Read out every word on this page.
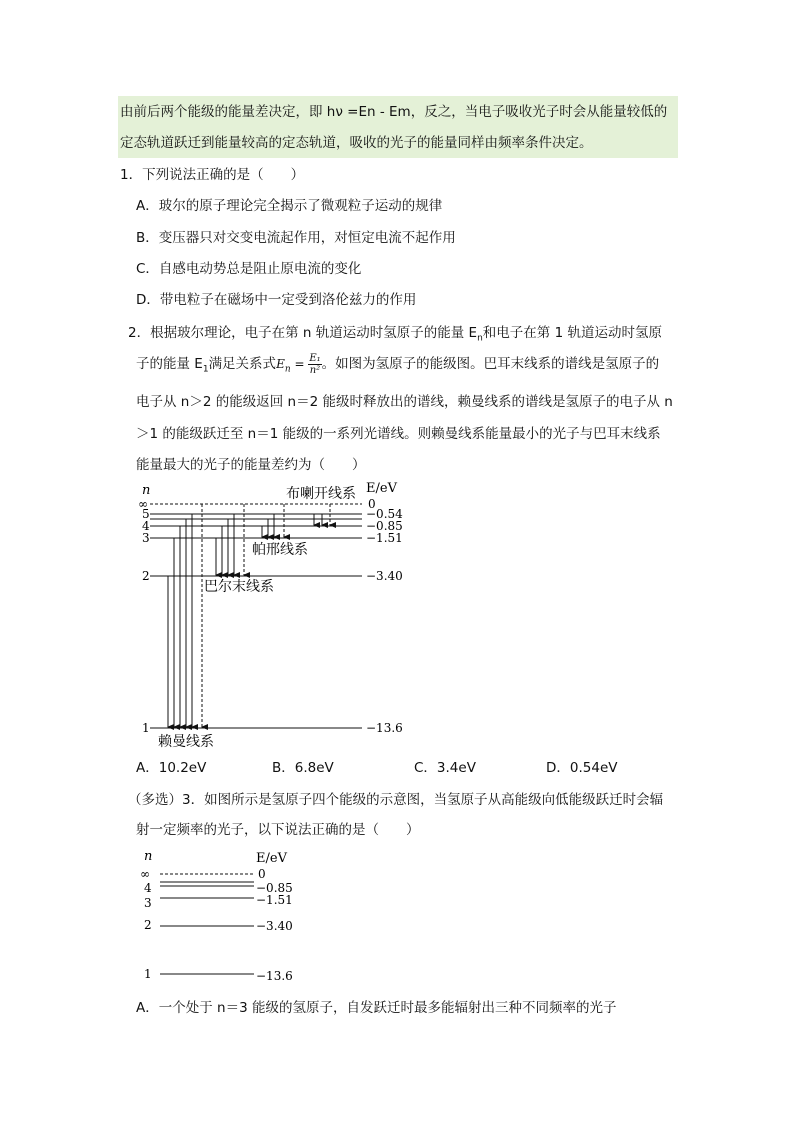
由前后两个能级的能量差决定，即 hν =En - Em，反之，当电子吸收光子时会从能量较低的
定态轨道跃迁到能量较高的定态轨道，吸收的光子的能量同样由频率条件决定。
1．下列说法正确的是（　　）
A．玻尔的原子理论完全揭示了微观粒子运动的规律
B．变压器只对交变电流起作用，对恒定电流不起作用
C．自感电动势总是阻止原电流的变化
D．带电粒子在磁场中一定受到洛伦兹力的作用
2．根据玻尔理论，电子在第 n 轨道运动时氢原子的能量 $E_n$和电子在第 1 轨道运动时氢原
子的能量 $E_1$满足关系式$E_n = \frac{\text{E₁}}{\text{n²}}$ 。如图为氢原子的能级图。巴耳末线系的谱线是氢原子的
电子从 n＞2 的能级返回 n＝2 能级时释放出的谱线，赖曼线系的谱线是氢原子的电子从 n
＞1 的能级跃迁至 n＝1 能级的一系列光谱线。则赖曼线系能量最小的光子与巴耳末线系
能量最大的光子的能量差约为（　　）
n	E/eV
∞
5
4
3
2
1
0
−0.54
−0.85
−1.51
−3.40
−13.6
布喇开线系
帕邢线系
巴尔末线系
赖曼线系
A．10.2eV	B．6.8eV	C．3.4eV	D．0.54eV
（多选）3．如图所示是氢原子四个能级的示意图，当氢原子从高能级向低能级跃迁时会辐
射一定频率的光子，以下说法正确的是（　　）
n	E/eV
∞
4
3
2
1
0
−0.85
−1.51
−3.40
−13.6
A．一个处于 n＝3 能级的氢原子，自发跃迁时最多能辐射出三种不同频率的光子
